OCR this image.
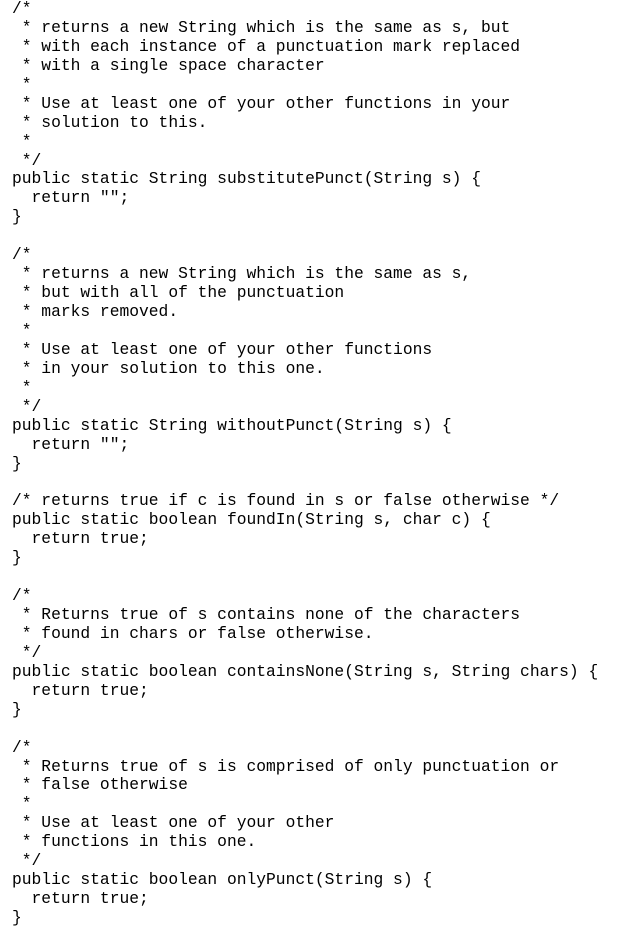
/*
* returns a new String which is the same as s, but
* with each instance of a punctuation mark replaced
* with a single space character
*
* Use at least one of your other functions in your
* solution to this.
*
*/
public static String substitutePunct(String s) {
return "";
}
/*
* returns a new String which is the same as s,
* but with all of the punctuation
* marks removed.
*
* Use at least one of your other functions
* in your solution to this one.
*
*/
public static String withoutPunct(String s) {
return "";
}
/* returns true if c is found in s or false otherwise */
public static boolean foundIn(String s, char c) {
return true;
}
/*
* Returns true of s contains none of the characters
* found in chars or false otherwise.
*/
public static boolean containsNone(String s, String chars) {
return true;
}
/*
* Returns true of s is comprised of only punctuation or
* false otherwise
*
* Use at least one of your other
* functions in this one.
*/
public static boolean onlyPunct(String s) {
return true;
}
